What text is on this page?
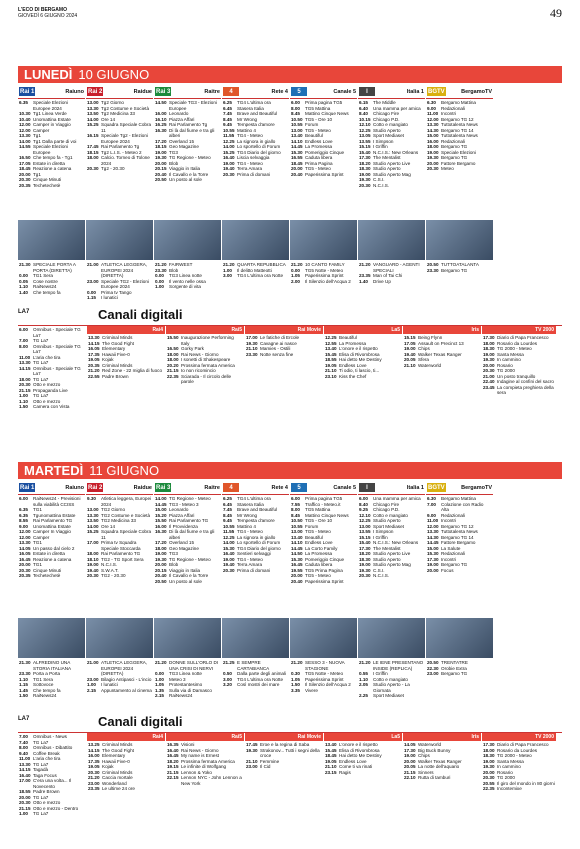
L'ECO DI BERGAMO
GIOVEDÌ 6 GIUGNO 2024	49
LUNEDÌ 10 GIUGNO
Rai 1	Raiuno
6.35	Speciale Elezioni Europee 2024
10.30 Tg1 Linea Verde
10.40 Unomattina Estate
12.00 Camper in Viaggio
12.00 Camper
13.30 Tg1
14.00 Tg1 Dalla parte di voi
14.55 Speciale Elezioni Europee
16.50 Che tempo fa - Tg1
17.05 Estate in diretta
18.45 Reazione a catena
20.00 Tg1
20.30 Cinque Minuti
20.35 Techetechetè
21.30 SPECIALE PORTA A PORTA (DIRETTA)
0.00	TG1 Sera
0.05	Cose nostre
1.10	RaiNews24
1.40	Che tempo fa
Rai 2	Raidue
13.00 Tg2 Giorno
13.30 Tg2 Costume e Società
13.50 Tg2 Medicina 33
14.00 Ore 14
15.25 Squadra Speciale Cobra 11
16.15 Speciale Tg2 - Elezioni Europee 2024
17.45 Rai Parlamento Tg
18.15 Tg2 L.I.S. - Meteo 2
18.00 Calcio. Torneo di Tolone 2024
20.30 Tg2 - 20.30
21.00 ATLETICA LEGGERA, EUROPEI 2024 (DIRETTA)
23.00 Speciale TG2 - Elezioni Europee 2024
0.00	Prima tv Tango
1.15	I lunatici
Rai 3	Raitre
14.50 Speciale TG3 - Elezioni Europee
16.00 Leonardo
16.10 Piazza Affari
16.25 Rai Parlamento Tg
16.30 Di là dal fiume e tra gli alberi
17.20 Overland 15
18.15 Geo Magazine
19.00 TG3
19.30 TG Regione - Meteo
20.00 Blob
20.15 Viaggio in Italia
20.40 Il Cavallo e la Torre
20.50 Un posto al sole
21.20 FAIRWEST
23.30 Blob
0.00	TG3 Linea notte
0.00	Il vento nelle ossa
1.00	Sorgente di vita
4	Rete 4
6.25	TG4 L'ultima ora
6.45	Stasera Italia
7.45	Brave and Beautiful
8.45	Mr Wrong
9.45	Tempesta d'amore
10.55 Mattino 4
11.55 TG4 - Meteo
12.25 La signora in giallo
14.00 Lo sportello di Forum
15.25 TG4 Diario del giorno
16.40 Liscia selvaggia
19.00 TG4 - Meteo
19.40 Terra Amara
20.30 Prima di domani
21.20 QUARTA REPUBBLICA
1.00	Il delitto Matteotti
3.00	TG4 L'ultima ora Notte
5	Canale 5
6.00	Prima pagina TG5
8.00	TG5 Mattina
8.45	Mattino Cinque News
10.50 TG5 - Ore 10
10.55 Forum
13.00 TG5 - Meteo
13.40 Beautiful
14.10 Endless Love
14.45 La Promessa
15.30 Pomeriggio Cinque
16.55 Caduta libera
18.45 Prima Pagina
20.00 TG5 - Meteo
20.40 Paperissima Sprint
21.20 10 CANTO FAMILY
0.00	TG5 Notte - Meteo
1.05	Paperissima Sprint
2.00	Il Silenzio dell'Acqua 2
I	Italia 1
6.15	The Middle
6.40	Una mamma per amica
8.40	Chicago Fire
10.15 Chicago P.D.
12.10 Cotto e mangiato
12.25 Studio Aperto
13.05 Sport Mediaset
13.55 I Simpson
15.15 I Griffin
15.40 N.C.I.S.: New Orleans
17.30 The Mentalist
18.20 Studio Aperto Live
18.30 Studio Aperto
19.00 Studio Aperto Mag
19.30 C.S.I.
20.30 N.C.I.S.
21.20 VANGUARD - AGENTI SPECIALI
23.35 Man of Tai Chi
1.40	Drive Up
BGTV	BergamoTV
6.30	Bergamo Mattina
9.00	Redazionali
11.00 Incontri
12.00 Bergamo TG 12
13.30 Tuttotalenta News
14.30 Bergamo TG 14
15.00 Tuttotalenta News
16.00 Redazionali
18.00 Bergamo TG
19.00 Speciale Elezioni
19.30 Bergamo TG
20.00 Fattore Bergamo
20.30 Meteo
20.50 TUTTOATALANTA
23.30 Bergamo TG
LA7	Canali digitali
6.00	Omnibus - Speciale TG La7
7.00	TG La7
8.00	Omnibus - Speciale TG La7
11.00 L'aria che tira
13.30 TG La7
14.15 Omnibus - Speciale TG La7
18.00 TG La7
20.30 Otto e mezzo
21.15 Propaganda Live
1.00	TG La7
1.10	Otto e mezzo
1.50	Camera con Vista
Rai4
13.30 Criminal Minds
14.15 The Good Fight
16.05 Elementary
17.35 Hawaii Five-0
19.05 Kojak
20.35 Criminal Minds
21.20 Red Zone - 22 miglia di fuoco
22.55 Padre Brown
Rai5
15.50 Inaugurazione Performing Italy
16.50 Gorky Park
18.00 Rai News - Giorno
18.00 I sonetti di Shakespeare
20.20 Prossima fermata America
21.15 Io non ricomincio
22.35 Sciarada - Il circolo delle parole
Rai Movie
17.00 Le fatiche di Ercole
19.30 Cavagne ai nasce
21.10 Mamies - Ostili
23.30 Notte senza fine
La5
12.25 Beautiful
12.55 La Promessa
13.40 L'onore e il rispetto
15.45 Elisa di Rivombrosa
18.55 Hai detto Me Destiny
19.05 Endless Love
21.10 Ti odio, ti lascio, ti...
23.10 Kiss the Chef
Iris
15.15 Being Flynn
17.05 Assault on Precinct 13
19.00 Chips
19.40 Walker Texas Ranger
20.05 Sfera
21.10 Waterworld
TV 2000
17.30 Diario di Papa Francesco
18.00 Rosario da Lourdes
18.30 TG 2000 - Meteo
19.00 Santa Messa
19.30 In cammino
20.00 Rosario
20.30 TG 2000
21.00 Un posto tranquillo
22.40 Indagine al confini del sacro
23.45 La compieta preghiera della sera
MARTEDÌ 11 GIUGNO
Rai 1	Raiuno
6.00	RaiNews24 - Previsioni sulla viabilità CCISS
6.35	TG1
6.35	Tgunomattina Estate
8.55	Rai Parlamento TG
9.00	Unomattina Estate
12.00 Camper In Viaggio
12.00 Camper
13.30 TG1
14.05 Un passo dal cielo 2
16.05 Estate in diretta
16.45 Reazione a catena
20.00 TG1
20.30 Cinque Minuti
20.35 Techetechetè
21.30 ALFREDINO UNA STORIA ITALIANA
23.30 Porta a Porta
1.10	TG1 Sera
1.15	Sottovoce
1.45	Che tempo fa
1.50	RaiNews24
Rai 2	Raidue
9.30	Atletica leggera, Europei 2024
13.00 TG2 Giorno
13.30 TG2 Costume e Società
13.50 TG2 Medicina 33
14.00 Ore 14
15.25 Squadra Speciale Cobra 11
17.00 Prima tv Squadra Speciale Stoccarda
18.00 Rai Parlamento TG
18.10 TG2 - TG Sport Sera
19.00 N.C.I.S.
19.40 S.W.A.T.
20.30 TG2 - 20.30
21.00 ATLETICA LEGGERA, EUROPEI 2024 (DIRETTA)
23.00 Bilagio Antipasci - L'incio
1.00	I lunatici
2.15	Appuntamento al cinema
Rai 3	Raitre
14.00 TG Regione - Meteo
14.45 TG3 - Meteo 3
15.00 Leonardo
15.20 Piazza Affari
15.50 Rai Parlamento TG
16.00 Il Provvidenza
16.30 Di là dal fiume e tra gli alberi
17.20 Overland 15
18.00 Geo Magazine
19.00 TG3
19.30 TG Regione - Meteo
20.00 Blob
20.15 Viaggio in Italia
20.40 Il Cavallo e la Torre
20.50 Un posto al sole
21.20 DONNE SULL'ORLO DI UNA CRISI DI NERVI
0.00	TG3 Linea notte
1.00	Meteo 3
1.05	Protestantesimo
1.35	Sulla via di Damasco
2.15	RaiNews24
4	Rete 4
6.25	TG4 L'ultima ora
6.45	Stasera Italia
7.45	Brave and Beautiful
8.45	Mr Wrong
9.45	Tempesta d'amore
10.55 Mattino 4
11.55 TG4 - Meteo
12.25 La signora in giallo
14.00 Lo sportello di Forum
15.30 TG4 Diario del giorno
16.40 Sentieri selvaggi
19.00 TG4 - Meteo
19.40 Terra Amara
20.30 Prima di domani
21.25 E SEMPRE CARTABIANCA
0.50	Dalla parte degli animali
3.00	TG4 L'ultima ora Notte
3.20	Così mostri dei mare
5	Canale 5
6.00	Prima pagina TG5
7.55	Traffico - Meteo.it
8.00	TG5 Mattina
8.45	Mattino Cinque News
10.50 TG5 - Ore 10
10.55 Forum
13.00 TG5 - Meteo
13.40 Beautiful
14.10 Endless Love
14.45 La Corto Family
14.50 La Promessa
15.30 Pomeriggio Cinque
16.45 Caduta libera
19.55 TG5 Prima Pagina
20.00 TG5 - Meteo
20.40 Paperissima Sprint
21.20 SESSO 3 - NUOVA STAGIONE
0.30	TG5 Notte - Meteo
1.05	Paperissima Sprint
1.50	Il Silenzio dell'Acqua 2
3.35	Vivere
I	Italia 1
6.00	Una mamma per amica
8.40	Chicago Fire
9.25	Chicago P.D.
12.10 Cotto e mangiato
12.25 Studio Aperto
13.00 Sport Mediaset
13.55 I Simpson
15.15 I Griffin
15.40 N.C.I.S.: New Orleans
17.30 The Mentalist
18.20 Studio Aperto Live
18.30 Studio Aperto
19.00 Studio Aperto Mag
19.30 C.S.I.
20.30 N.C.I.S.
21.20 LE IENE PRESENTANO INSIDE (REPLICA)
0.55	I Griffin
1.10	Cotto e mangiato
2.05	Studio Aperto - La Giornata
2.25	Sport Mediaset
BGTV	BergamoTV
6.30	Bergamo Mattina
7.00	Colazione con Radio Alta
9.00	Redazionali
11.00 Incontri
12.00 Bergamo TG 12
13.30 Tuttotalenta News
14.30 Bergamo TG 14
14.45 Fattore Bergamo
15.00 La Salute
15.30 Redazionali
17.30 Incontri
19.00 Bergamo TG
20.00 Focus
20.50 TRENTATRE
22.30 Orobie Extra
23.00 Bergamo TG
LA7	Canali digitali
7.00	Omnibus - News
7.40	TG La7
8.00	Omnibus - Dibattito
9.40	Coffee Break
11.00 L'aria che tira
13.30 TG La7
14.15 Tagadà
16.40 Taga Focus
17.00 C'era una volta... Il Novecento
18.55 Padre Brown
20.00 TG La7
20.30 Otto e mezzo
21.15 Otto e mezzo - Dentro
1.00	TG La7
Rai4
13.25 Criminal Minds
14.15 The Good Fight
16.00 Elementary
17.35 Hawaii Five-0
19.05 Kojak
20.30 Criminal Minds
21.20 Caccia mortale
23.00 Wonderland
23.35 Le ultime 24 ore
Rai5
16.35 Visioni
16.40 Rai News - Giorno
16.45 My name is Ernest
18.20 Prossima fermata America
19.15 Le infinite di Wolfgang
21.15 Lennon & Yoko
22.15 Lennon NYC - John Lennon a New York
Rai Movie
17.45 Eroe e la regina di Saba
19.30 Strakonov... Tutti i segni della croce
21.10 Femmine
23.00 Il Cid
La5
13.40 L'onore e il rispetto
15.45 Elisa di Rivombrosa
18.45 Hai detto Me Destiny
19.05 Endless Love
21.10 Come ti va rinati
23.15 Ragis
Iris
14.05 Waterworld
17.30 Big Buck Bunny
19.00 Chips
20.00 Walker Texas Ranger
20.05 La notte dell'aquario
21.15 Sinners
22.10 Rutta di tamburi
TV 2000
17.30 Diario di Papa Francesco
18.00 Rosario da Lourdes
18.30 TG 2000 - Meteo
19.00 Santa Messa
19.30 In cammino
20.00 Rosario
20.30 TG 2000
20.55 Il giro del mondo in 80 giorni
22.35 Incontemixe
